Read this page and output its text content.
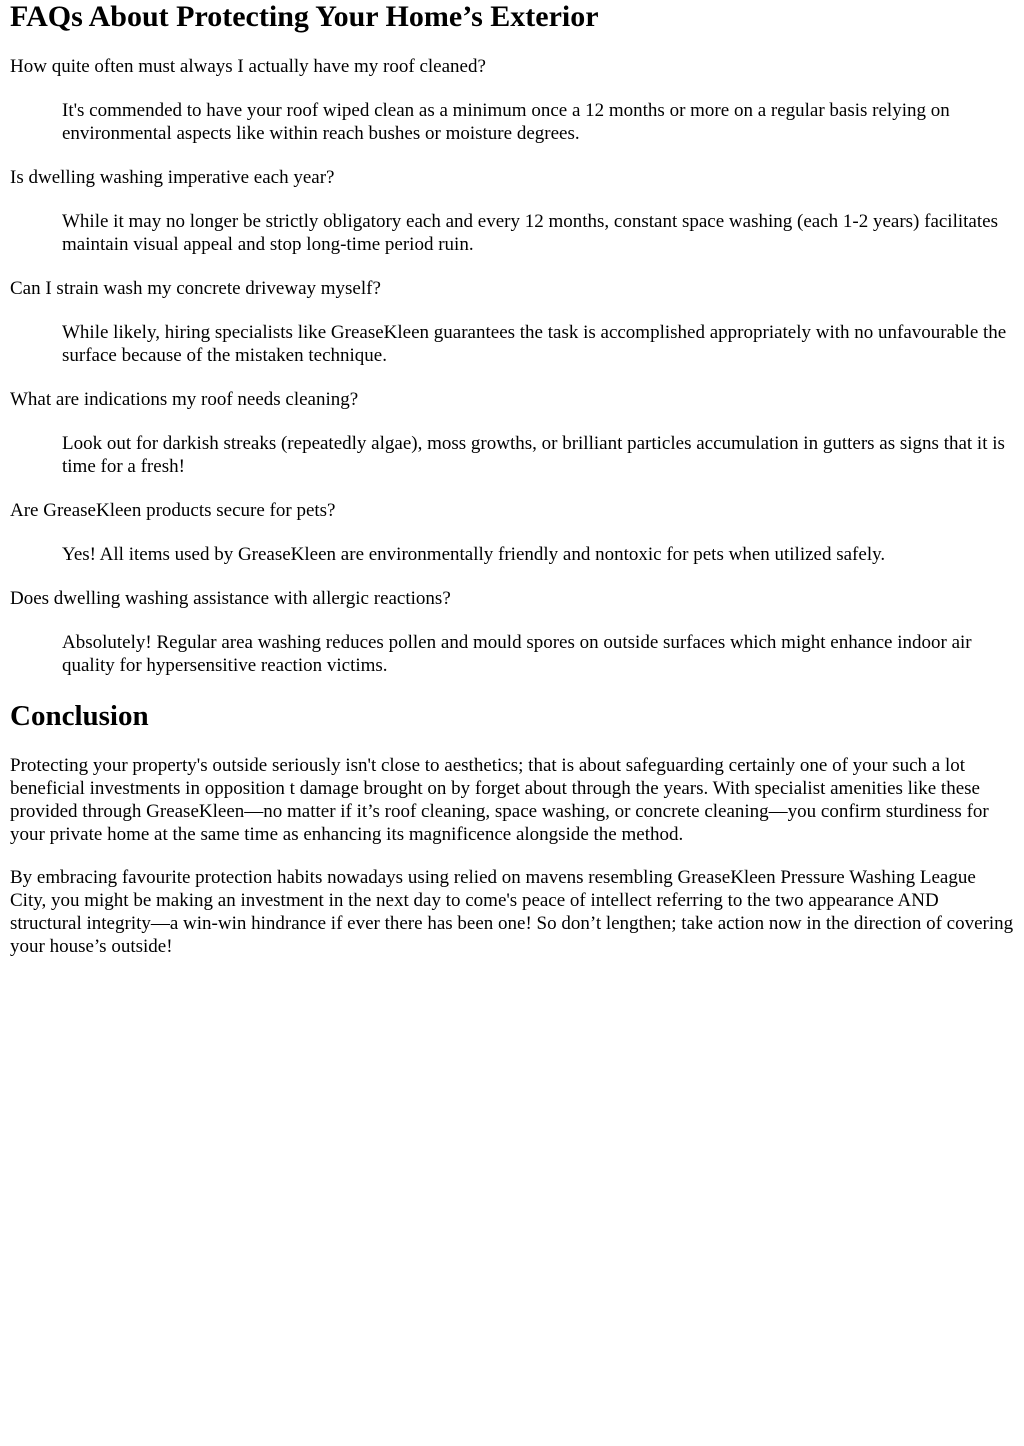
FAQs About Protecting Your Home’s Exterior
How quite often must always I actually have my roof cleaned?
It's commended to have your roof wiped clean as a minimum once a 12 months or more on a regular basis relying on environmental aspects like within reach bushes or moisture degrees.
Is dwelling washing imperative each year?
While it may no longer be strictly obligatory each and every 12 months, constant space washing (each 1-2 years) facilitates maintain visual appeal and stop long-time period ruin.
Can I strain wash my concrete driveway myself?
While likely, hiring specialists like GreaseKleen guarantees the task is accomplished appropriately with no unfavourable the surface because of the mistaken technique.
What are indications my roof needs cleaning?
Look out for darkish streaks (repeatedly algae), moss growths, or brilliant particles accumulation in gutters as signs that it is time for a fresh!
Are GreaseKleen products secure for pets?
Yes! All items used by GreaseKleen are environmentally friendly and nontoxic for pets when utilized safely.
Does dwelling washing assistance with allergic reactions?
Absolutely! Regular area washing reduces pollen and mould spores on outside surfaces which might enhance indoor air quality for hypersensitive reaction victims.
Conclusion

Protecting your property's outside seriously isn't close to aesthetics; that is about safeguarding certainly one of your such a lot beneficial investments in opposition t damage brought on by forget about through the years. With specialist amenities like these provided through GreaseKleen—no matter if it’s roof cleaning, space washing, or concrete cleaning—you confirm sturdiness for your private home at the same time as enhancing its magnificence alongside the method.

By embracing favourite protection habits nowadays using relied on mavens resembling GreaseKleen Pressure Washing League City, you might be making an investment in the next day to come's peace of intellect referring to the two appearance AND structural integrity—a win-win hindrance if ever there has been one! So don’t lengthen; take action now in the direction of covering your house’s outside!
